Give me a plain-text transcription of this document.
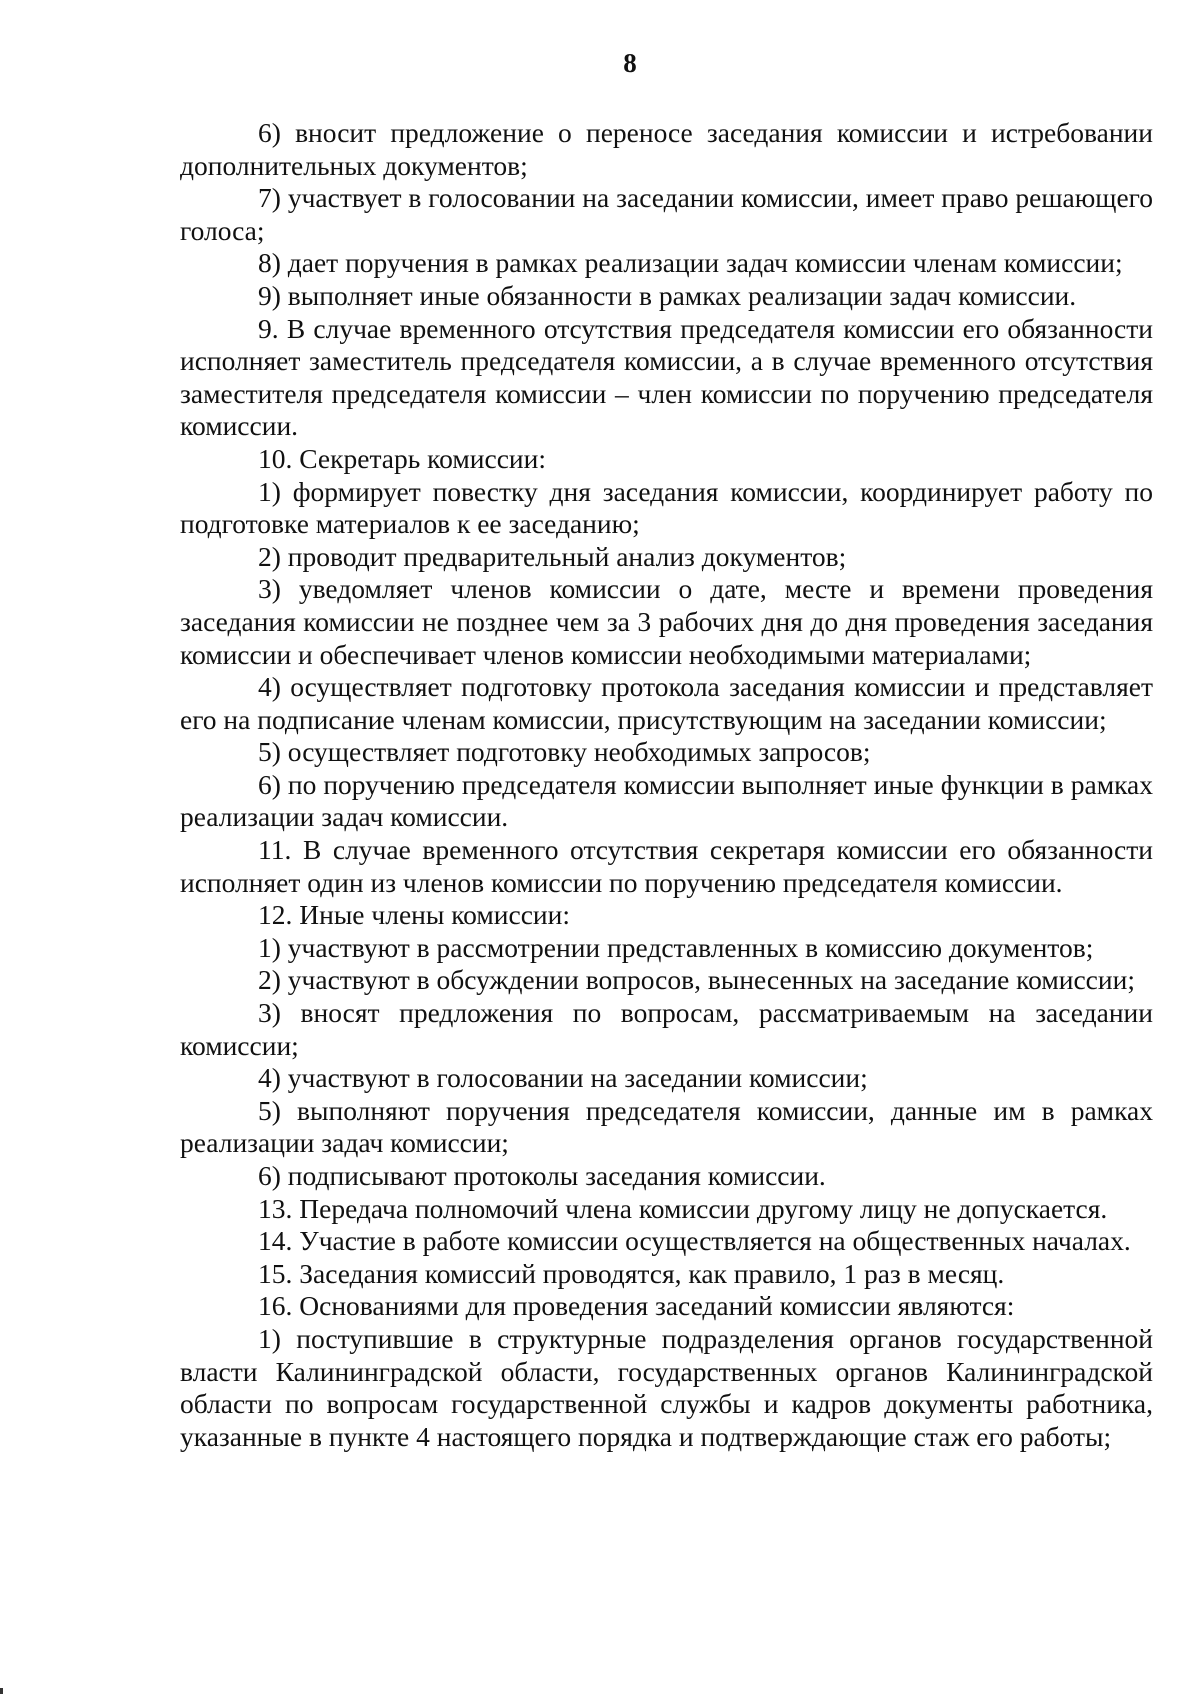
8

6) вносит предложение о переносе заседания комиссии и истребовании дополнительных документов;

7) участвует в голосовании на заседании комиссии, имеет право решающего голоса;

8) дает поручения в рамках реализации задач комиссии членам комиссии;

9) выполняет иные обязанности в рамках реализации задач комиссии.

9. В случае временного отсутствия председателя комиссии его обязанности исполняет заместитель председателя комиссии, а в случае временного отсутствия заместителя председателя комиссии – член комиссии по поручению председателя комиссии.

10. Секретарь комиссии:

1) формирует повестку дня заседания комиссии, координирует работу по подготовке материалов к ее заседанию;

2) проводит предварительный анализ документов;

3) уведомляет членов комиссии о дате, месте и времени проведения заседания комиссии не позднее чем за 3 рабочих дня до дня проведения заседания комиссии и обеспечивает членов комиссии необходимыми материалами;

4) осуществляет подготовку протокола заседания комиссии и представляет его на подписание членам комиссии, присутствующим на заседании комиссии;

5) осуществляет подготовку необходимых запросов;

6) по поручению председателя комиссии выполняет иные функции в рамках реализации задач комиссии.

11. В случае временного отсутствия секретаря комиссии его обязанности исполняет один из членов комиссии по поручению председателя комиссии.

12. Иные члены комиссии:

1) участвуют в рассмотрении представленных в комиссию документов;

2) участвуют в обсуждении вопросов, вынесенных на заседание комиссии;

3) вносят предложения по вопросам, рассматриваемым на заседании комиссии;

4) участвуют в голосовании на заседании комиссии;

5) выполняют поручения председателя комиссии, данные им в рамках реализации задач комиссии;

6) подписывают протоколы заседания комиссии.

13. Передача полномочий члена комиссии другому лицу не допускается.

14. Участие в работе комиссии осуществляется на общественных началах.

15. Заседания комиссий проводятся, как правило, 1 раз в месяц.

16. Основаниями для проведения заседаний комиссии являются:

1) поступившие в структурные подразделения органов государственной власти Калининградской области, государственных органов Калининградской области по вопросам государственной службы и кадров документы работника, указанные в пункте 4 настоящего порядка и подтверждающие стаж его работы;
